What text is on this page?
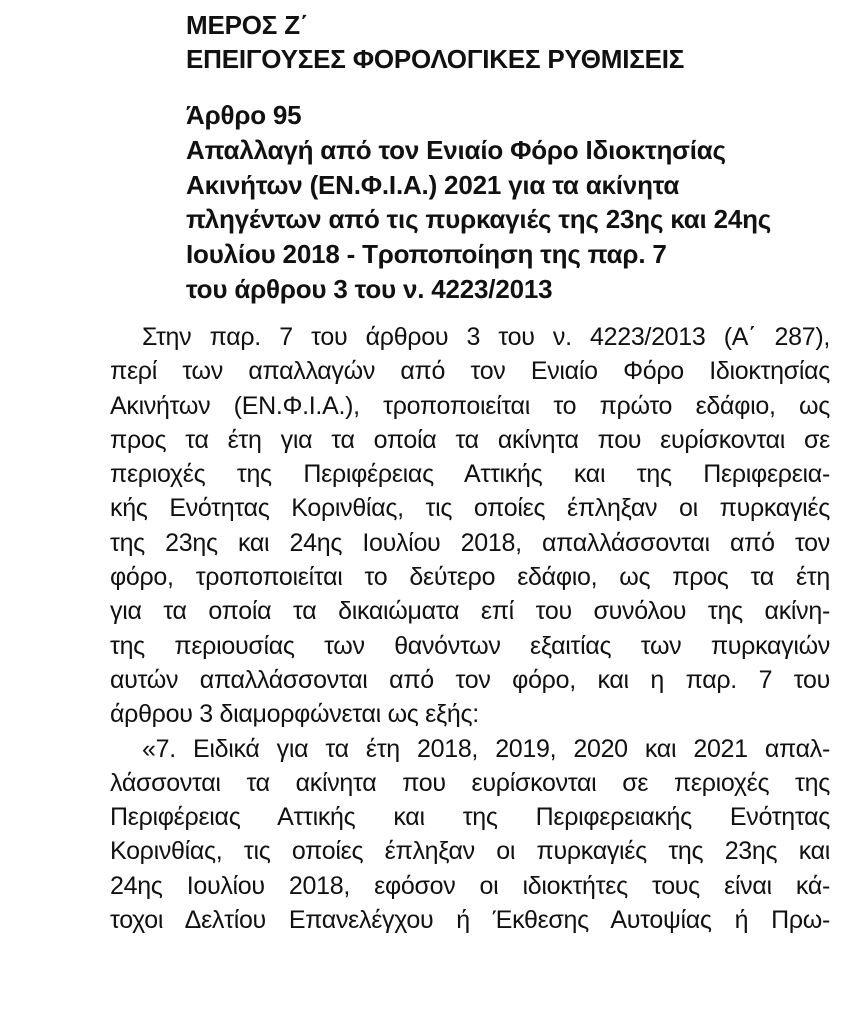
ΜΕΡΟΣ Ζ΄
ΕΠΕΙΓΟΥΣΕΣ ΦΟΡΟΛΟΓΙΚΕΣ ΡΥΘΜΙΣΕΙΣ
Άρθρο 95
Απαλλαγή από τον Ενιαίο Φόρο Ιδιοκτησίας
Ακινήτων (ΕΝ.Φ.Ι.Α.) 2021 για τα ακίνητα
πληγέντων από τις πυρκαγιές της 23ης και 24ης
Ιουλίου 2018 - Τροποποίηση της παρ. 7
του άρθρου 3 του ν. 4223/2013
Στην παρ. 7 του άρθρου 3 του ν. 4223/2013 (Α΄ 287),
περί των απαλλαγών από τον Ενιαίο Φόρο Ιδιοκτησίας
Ακινήτων (ΕΝ.Φ.Ι.Α.), τροποποιείται το πρώτο εδάφιο, ως
προς τα έτη για τα οποία τα ακίνητα που ευρίσκονται σε
περιοχές της Περιφέρειας Αττικής και της Περιφερεια-
κής Ενότητας Κορινθίας, τις οποίες έπληξαν οι πυρκαγιές
της 23ης και 24ης Ιουλίου 2018, απαλλάσσονται από τον
φόρο, τροποποιείται το δεύτερο εδάφιο, ως προς τα έτη
για τα οποία τα δικαιώματα επί του συνόλου της ακίνη-
της περιουσίας των θανόντων εξαιτίας των πυρκαγιών
αυτών απαλλάσσονται από τον φόρο, και η παρ. 7 του
άρθρου 3 διαμορφώνεται ως εξής:
«7. Ειδικά για τα έτη 2018, 2019, 2020 και 2021 απαλ-
λάσσονται τα ακίνητα που ευρίσκονται σε περιοχές της
Περιφέρειας Αττικής και της Περιφερειακής Ενότητας
Κορινθίας, τις οποίες έπληξαν οι πυρκαγιές της 23ης και
24ης Ιουλίου 2018, εφόσον οι ιδιοκτήτες τους είναι κά-
τοχοι Δελτίου Επανελέγχου ή Έκθεσης Αυτοψίας ή Πρω-
